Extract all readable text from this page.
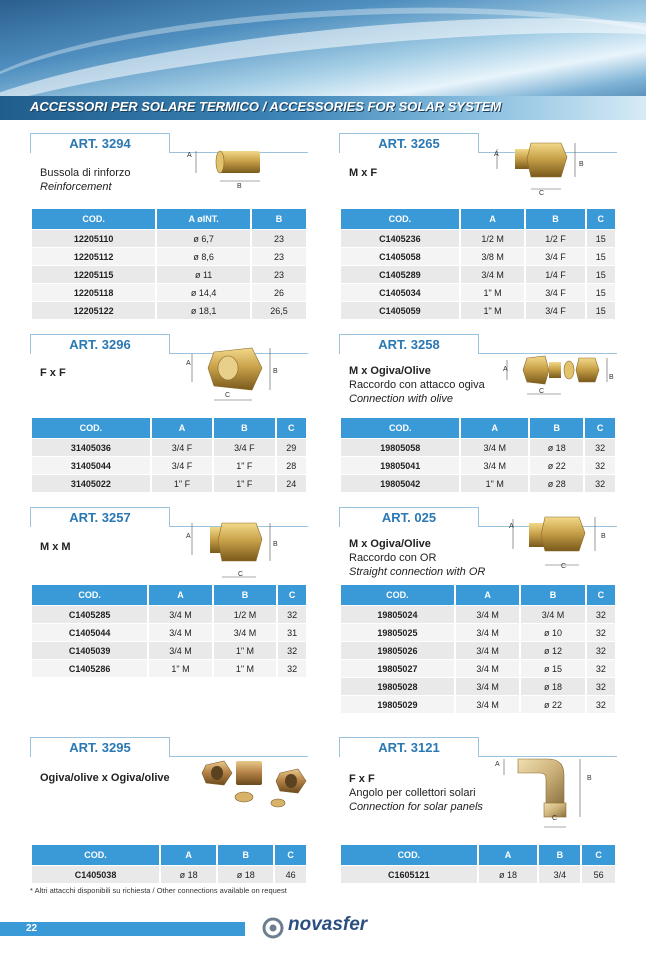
ACCESSORI PER SOLARE TERMICO / ACCESSORIES FOR SOLAR SYSTEM
ART. 3294
Bussola di rinforzo
Reinforcement
A
B
COD.	A øINT.	B
12205110	ø 6,7	23
12205112	ø 8,6	23
12205115	ø 11	23
12205118	ø 14,4	26
12205122	ø 18,1	26,5
ART. 3265
M x F
A
B
C
COD.	A	B	C
C1405236	1/2 M	1/2 F	15
C1405058	3/8 M	3/4 F	15
C1405289	3/4 M	1/4 F	15
C1405034	1" M	3/4 F	15
C1405059	1" M	3/4 F	15
ART. 3296
F x F
A
B
C
COD.	A	B	C
31405036	3/4 F	3/4 F	29
31405044	3/4 F	1" F	28
31405022	1" F	1" F	24
ART. 3258
M x Ogiva/Olive
Raccordo con attacco ogiva
Connection with olive
A
B
C
COD.	A	B	C
19805058	3/4 M	ø 18	32
19805041	3/4 M	ø 22	32
19805042	1" M	ø 28	32
ART. 3257
M x M
A
B
C
COD.	A	B	C
C1405285	3/4 M	1/2 M	32
C1405044	3/4 M	3/4 M	31
C1405039	3/4 M	1" M	32
C1405286	1" M	1" M	32
ART. 025
M x Ogiva/Olive
Raccordo con OR
Straight connection with OR
A
B
C
COD.	A	B	C
19805024	3/4 M	3/4 M	32
19805025	3/4 M	ø 10	32
19805026	3/4 M	ø 12	32
19805027	3/4 M	ø 15	32
19805028	3/4 M	ø 18	32
19805029	3/4 M	ø 22	32
ART. 3295
Ogiva/olive x Ogiva/olive
COD.	A	B	C
C1405038	ø 18	ø 18	46
ART. 3121
F x F
Angolo per collettori solari
Connection for solar panels
A
B
C
COD.	A	B	C
C1605121	ø 18	3/4	56
* Altri attacchi disponibili su richiesta / Other connections available on request
22	novasfer
